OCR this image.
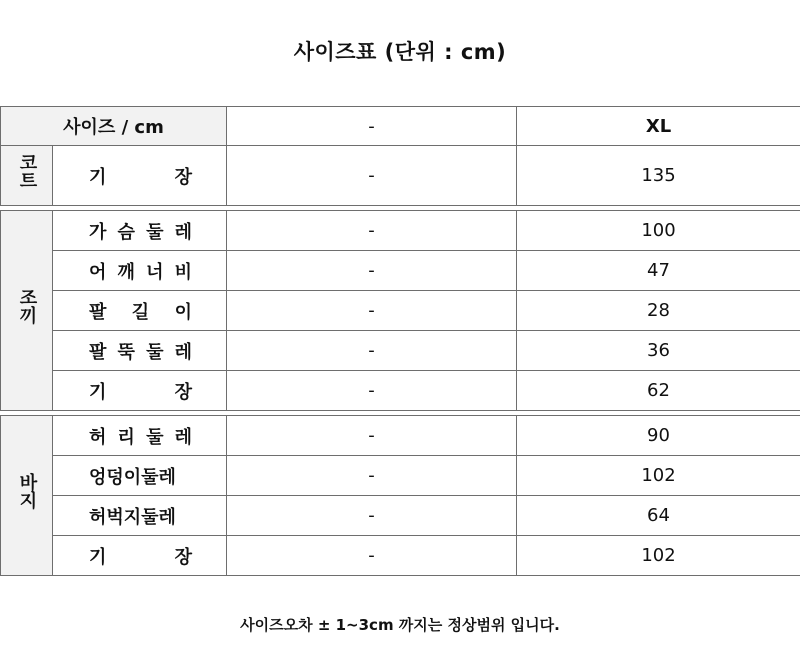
사이즈표 (단위 : cm)
사이즈 / cm	-	XL
코트	기 장	-	135
조끼	가 슴 둘 레	-	100
	어 깨 너 비	-	47
	팔 길 이	-	28
	팔 뚝 둘 레	-	36
	기 장	-	62
바지	허 리 둘 레	-	90
	엉덩이둘레	-	102
	허벅지둘레	-	64
	기 장	-	102
사이즈오차 ± 1~3cm 까지는 정상범위 입니다.
